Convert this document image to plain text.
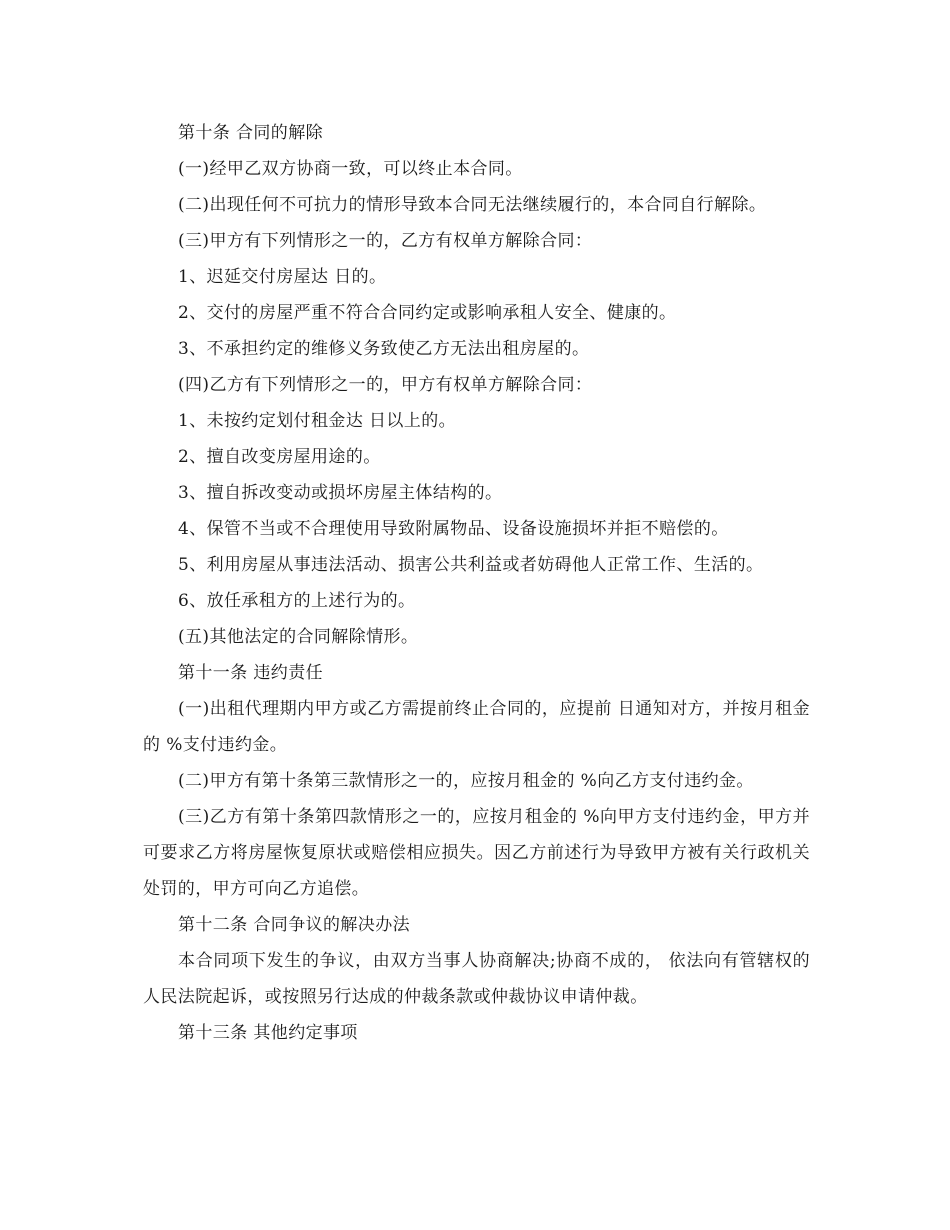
第十条 合同的解除

(一)经甲乙双方协商一致，可以终止本合同。

(二)出现任何不可抗力的情形导致本合同无法继续履行的，本合同自行解除。

(三)甲方有下列情形之一的，乙方有权单方解除合同：

1、迟延交付房屋达 日的。

2、交付的房屋严重不符合合同约定或影响承租人安全、健康的。

3、不承担约定的维修义务致使乙方无法出租房屋的。

(四)乙方有下列情形之一的，甲方有权单方解除合同：

1、未按约定划付租金达 日以上的。

2、擅自改变房屋用途的。

3、擅自拆改变动或损坏房屋主体结构的。

4、保管不当或不合理使用导致附属物品、设备设施损坏并拒不赔偿的。

5、利用房屋从事违法活动、损害公共利益或者妨碍他人正常工作、生活的。

6、放任承租方的上述行为的。

(五)其他法定的合同解除情形。

第十一条 违约责任

(一)出租代理期内甲方或乙方需提前终止合同的，应提前 日通知对方，并按月租金的 %支付违约金。

(二)甲方有第十条第三款情形之一的，应按月租金的 %向乙方支付违约金。

(三)乙方有第十条第四款情形之一的，应按月租金的 %向甲方支付违约金，甲方并可要求乙方将房屋恢复原状或赔偿相应损失。因乙方前述行为导致甲方被有关行政机关处罚的，甲方可向乙方追偿。

第十二条 合同争议的解决办法

本合同项下发生的争议，由双方当事人协商解决;协商不成的， 依法向有管辖权的人民法院起诉，或按照另行达成的仲裁条款或仲裁协议申请仲裁。

第十三条 其他约定事项
